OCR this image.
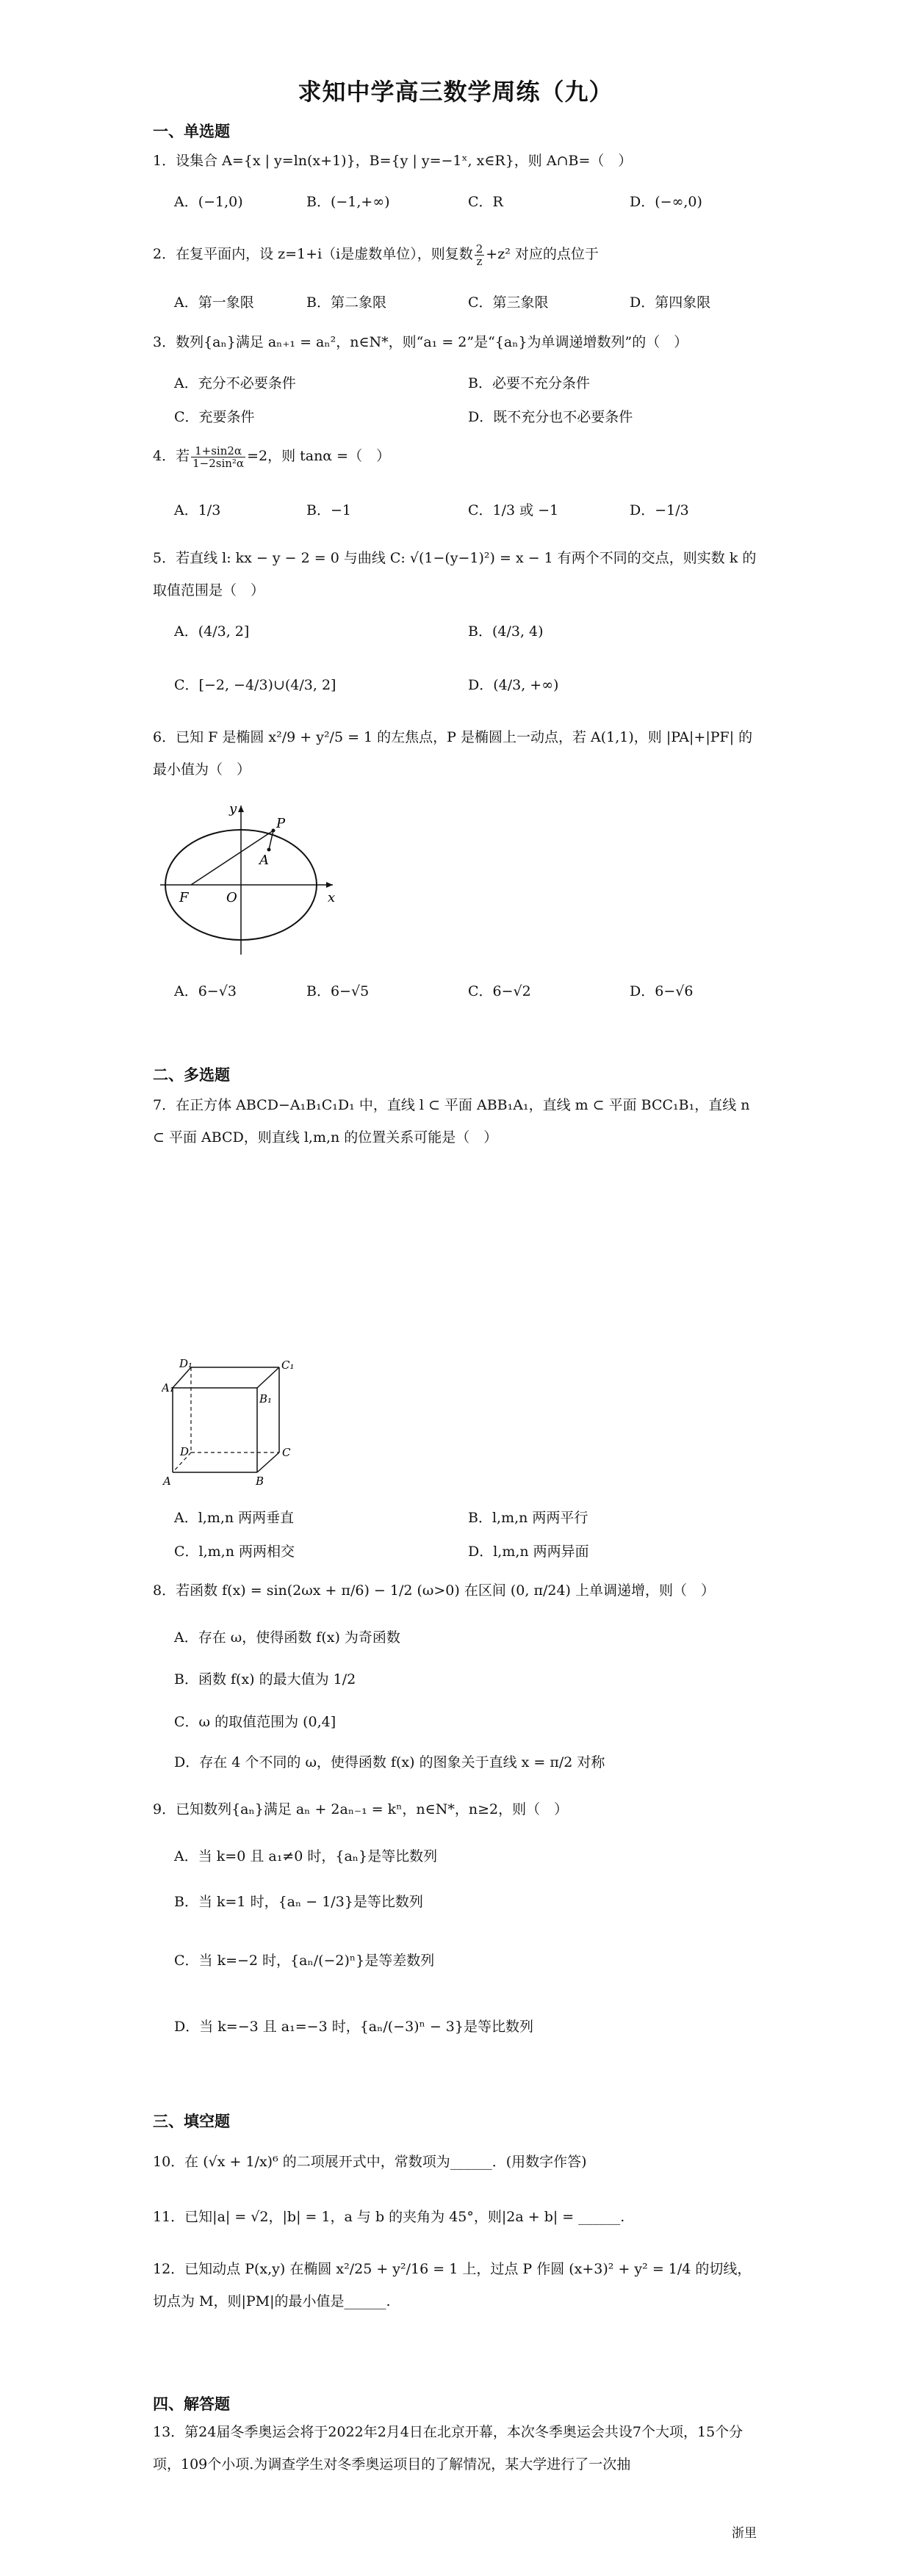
求知中学高三数学周练（九）
一、单选题
1．设集合 A={x | y=ln(x+1)}，B={y | y=−1ˣ, x∈R}，则 A∩B=（　）
A．(−1,0)	B．(−1,+∞)	C．R	D．(−∞,0)
2．在复平面内，设 z=1+i（i是虚数单位），则复数 $\frac{2}{z} +z^2$ 对应的点位于
A．第一象限	B．第二象限	C．第三象限	D．第四象限
3．数列{aₙ}满足 aₙ₊₁ = aₙ²，n∈N*，则“a₁ = 2”是“{aₙ}为单调递增数列”的（　）
A．充分不必要条件	B．必要不充分条件
C．充要条件	D．既不充分也不必要条件
4．若 $\frac{1+\sin 2\alpha}{\text{1−2sin²α}} =2$，则 tanα =（　）
A．1/3	B．−1	C．1/3 或 −1	D．−1/3
5．若直线 l: kx − y − 2 = 0 与曲线 C: √(1−(y−1)²) = x − 1 有两个不同的交点，则实数 k 的取值范围是（　）
A．(4/3, 2]	B．(4/3, 4)
C．[−2, −4/3)∪(4/3, 2]	D．(4/3, +∞)
6．已知 F 是椭圆 x²/9 + y²/5 = 1 的左焦点，P 是椭圆上一动点，若 A(1,1)，则 |PA|+|PF| 的最小值为（　）
y
P
A
F	O	x
A．6−√3	B．6−√5	C．6−√2	D．6−√6
二、多选题
7．在正方体 ABCD−A₁B₁C₁D₁ 中，直线 l ⊂ 平面 ABB₁A₁，直线 m ⊂ 平面 BCC₁B₁，直线 n ⊂ 平面 ABCD，则直线 l,m,n 的位置关系可能是（　）
D₁	C₁
A₁
B₁
D	C
A	B
A．l,m,n 两两垂直	B．l,m,n 两两平行
C．l,m,n 两两相交	D．l,m,n 两两异面
8．若函数 f(x) = sin(2ωx + π/6) − 1/2 (ω>0) 在区间 (0, π/24) 上单调递增，则（　）
A．存在 ω，使得函数 f(x) 为奇函数
B．函数 f(x) 的最大值为 1/2
C．ω 的取值范围为 (0,4]
D．存在 4 个不同的 ω，使得函数 f(x) 的图象关于直线 x = π/2 对称
9．已知数列{aₙ}满足 aₙ + 2aₙ₋₁ = kⁿ，n∈N*，n≥2，则（　）
A．当 k=0 且 a₁≠0 时，{aₙ}是等比数列
B．当 k=1 时，{aₙ − 1/3}是等比数列
C．当 k=−2 时，{aₙ/(−2)ⁿ}是等差数列
D．当 k=−3 且 a₁=−3 时，{aₙ/(−3)ⁿ − 3}是等比数列
三、填空题
10．在 (√x + 1/x)⁶ 的二项展开式中，常数项为______．(用数字作答)
11．已知|a| = √2，|b| = 1，a 与 b 的夹角为 45°，则|2a + b| = ______.
12．已知动点 P(x,y) 在椭圆 x²/25 + y²/16 = 1 上，过点 P 作圆 (x+3)² + y² = 1/4 的切线，切点为 M，则|PM|的最小值是______.
四、解答题
13．第24届冬季奥运会将于2022年2月4日在北京开幕，本次冬季奥运会共设7个大项，15个分项，109个小项.为调查学生对冬季奥运项目的了解情况，某大学进行了一次抽
浙里
